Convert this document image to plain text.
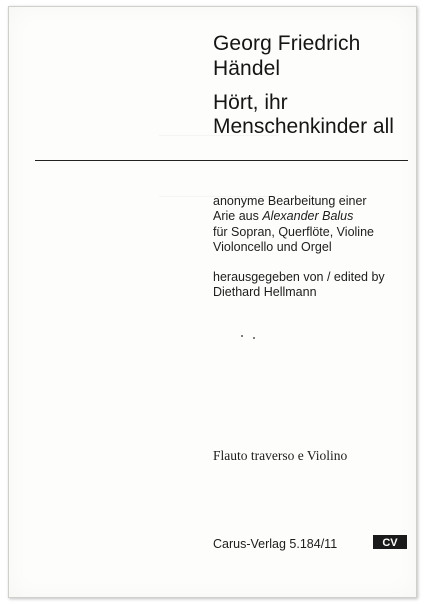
Georg Friedrich
Händel
Hört, ihr
Menschenkinder all
anonyme Bearbeitung einer
Arie aus Alexander Balus
für Sopran, Querflöte, Violine
Violoncello und Orgel
herausgegeben von / edited by
Diethard Hellmann
Flauto traverso e Violino
Carus-Verlag 5.184/11	CV
